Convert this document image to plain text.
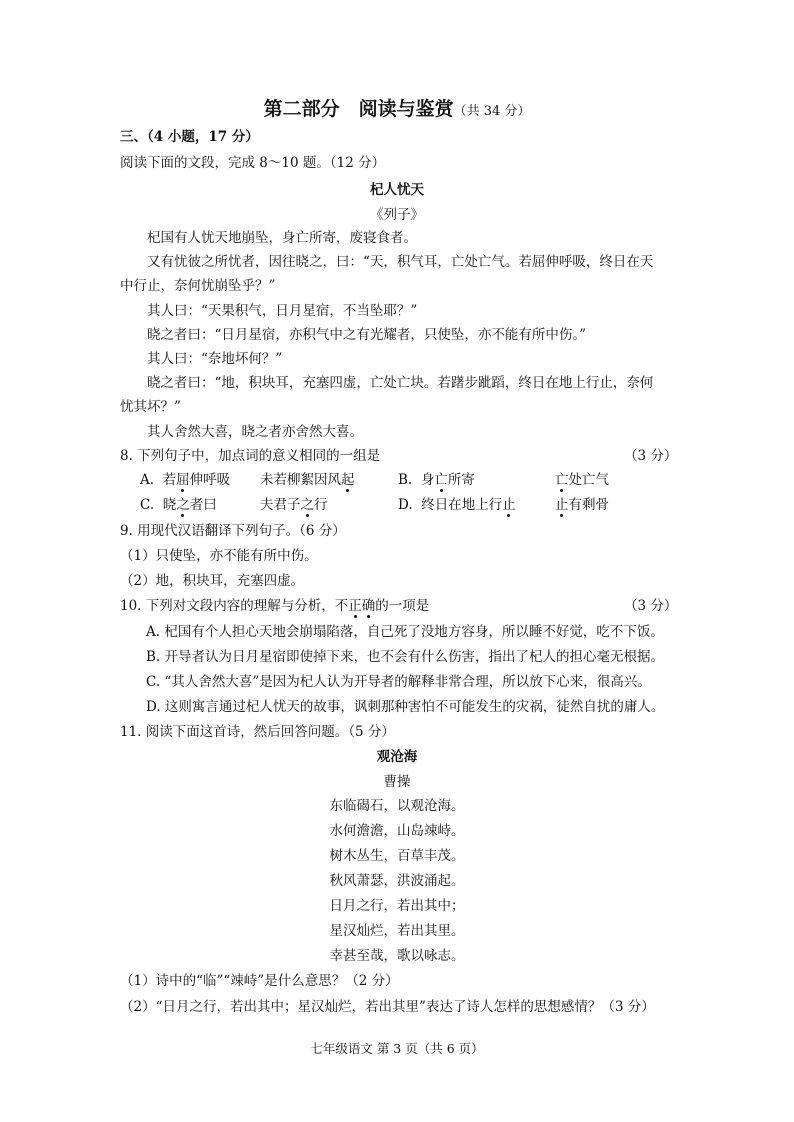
第二部分　阅读与鉴赏（共 34 分）
三、（4 小题，17 分）
阅读下面的文段，完成 8～10 题。（12 分）
杞人忧天
《列子》
杞国有人忧天地崩坠，身亡所寄，废寝食者。
又有忧彼之所忧者，因往晓之，曰：“天，积气耳，亡处亡气。若屈伸呼吸，终日在天
中行止，奈何忧崩坠乎？”
其人曰：“天果积气，日月星宿，不当坠耶？”
晓之者曰：“日月星宿，亦积气中之有光耀者，只使坠，亦不能有所中伤。”
其人曰：“奈地坏何？”
晓之者曰：“地，积块耳，充塞四虚，亡处亡块。若躇步跐蹈，终日在地上行止，奈何
忧其坏？”
其人舍然大喜，晓之者亦舍然大喜。
8. 下列句子中，加点词的意义相同的一组是	（3 分）
A. 若屈伸呼吸 未若柳絮因风起	B. 身亡所寄	亡处亡气
C. 晓之者曰	夫君子之行	D. 终日在地上行止	止有剩骨
9. 用现代汉语翻译下列句子。（6 分）
（1）只使坠，亦不能有所中伤。
（2）地，积块耳，充塞四虚。
10. 下列对文段内容的理解与分析，不正确的一项是	（3 分）
A. 杞国有个人担心天地会崩塌陷落，自己死了没地方容身，所以睡不好觉，吃不下饭。
B. 开导者认为日月星宿即使掉下来，也不会有什么伤害，指出了杞人的担心毫无根据。
C. “其人舍然大喜”是因为杞人认为开导者的解释非常合理，所以放下心来，很高兴。
D. 这则寓言通过杞人忧天的故事，讽刺那种害怕不可能发生的灾祸，徒然自扰的庸人。
11. 阅读下面这首诗，然后回答问题。（5 分）
观沧海
曹操
东临碣石，以观沧海。
水何澹澹，山岛竦峙。
树木丛生，百草丰茂。
秋风萧瑟，洪波涌起。
日月之行，若出其中；
星汉灿烂，若出其里。
幸甚至哉，歌以咏志。
（1）诗中的“临”“竦峙”是什么意思？（2 分）
（2）“日月之行，若出其中；星汉灿烂，若出其里”表达了诗人怎样的思想感情？（3 分）
七年级语文 第 3 页（共 6 页）
